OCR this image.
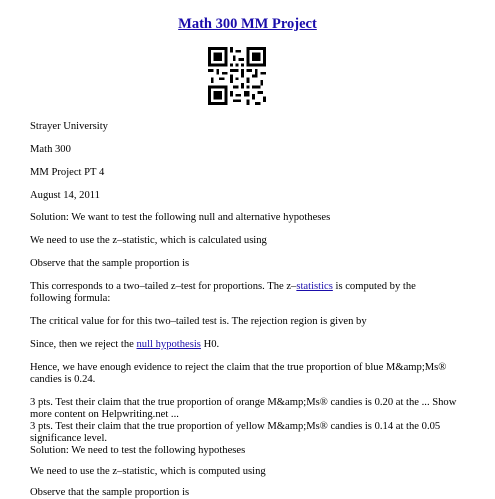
Math 300 MM Project
Strayer University
Math 300
MM Project PT 4
August 14, 2011
Solution: We want to test the following null and alternative hypotheses
We need to use the z–statistic, which is calculated using
Observe that the sample proportion is
This corresponds to a two–tailed z–test for proportions. The z–statistics is computed by the
following formula:
The critical value for for this two–tailed test is. The rejection region is given by
Since, then we reject the null hypothesis H0.
Hence, we have enough evidence to reject the claim that the true proportion of blue M&amp;Ms®
candies is 0.24.
3 pts. Test their claim that the true proportion of orange M&amp;Ms® candies is 0.20 at the ... Show
more content on Helpwriting.net ...
3 pts. Test their claim that the true proportion of yellow M&amp;Ms® candies is 0.14 at the 0.05
significance level.
Solution: We need to test the following hypotheses
We need to use the z–statistic, which is computed using
Observe that the sample proportion is
